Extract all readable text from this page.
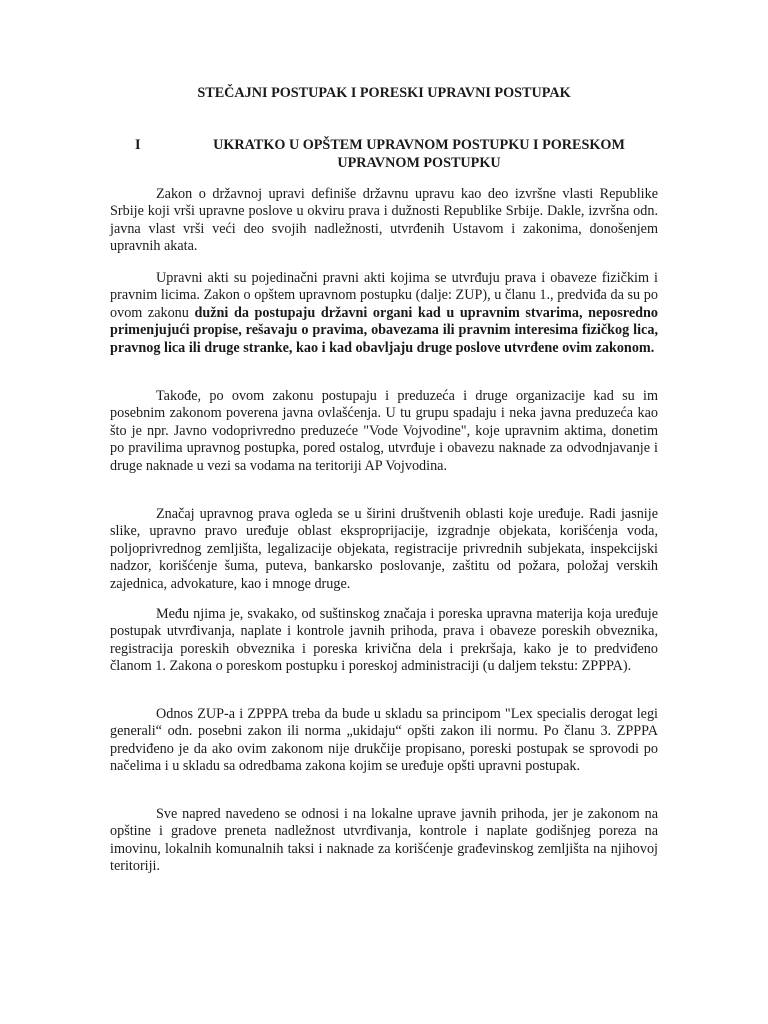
STEČAJNI POSTUPAK I PORESKI UPRAVNI POSTUPAK
I	UKRATKO U OPŠTEM UPRAVNOM POSTUPKU I PORESKOM UPRAVNOM POSTUPKU

Zakon o državnoj upravi definiše državnu upravu kao deo izvršne vlasti Republike Srbije koji vrši upravne poslove u okviru prava i dužnosti Republike Srbije. Dakle, izvršna odn. javna vlast vrši veći deo svojih nadležnosti, utvrđenih Ustavom i zakonima, donošenjem upravnih akata.

Upravni akti su pojedinačni pravni akti kojima se utvrđuju prava i obaveze fizičkim i pravnim licima. Zakon o opštem upravnom postupku (dalje: ZUP), u članu 1., predviđa da su po ovom zakonu dužni da postupaju državni organi kad u upravnim stvarima, neposredno primenjujući propise, rešavaju o pravima, obavezama ili pravnim interesima fizičkog lica, pravnog lica ili druge stranke, kao i kad obavljaju druge poslove utvrđene ovim zakonom.

Takođe, po ovom zakonu postupaju i preduzeća i druge organizacije kad su im posebnim zakonom poverena javna ovlašćenja. U tu grupu spadaju i neka javna preduzeća kao što je npr. Javno vodoprivredno preduzeće "Vode Vojvodine", koje upravnim aktima, donetim po pravilima upravnog postupka, pored ostalog, utvrđuje i obavezu naknade za odvodnjavanje i druge naknade u vezi sa vodama na teritoriji AP Vojvodina.

Značaj upravnog prava ogleda se u širini društvenih oblasti koje uređuje. Radi jasnije slike, upravno pravo uređuje oblast eksproprijacije, izgradnje objekata, korišćenja voda, poljoprivrednog zemljišta, legalizacije objekata, registracije privrednih subjekata, inspekcijski nadzor, korišćenje šuma, puteva, bankarsko poslovanje, zaštitu od požara, položaj verskih zajednica, advokature, kao i mnoge druge.

Među njima je, svakako, od suštinskog značaja i poreska upravna materija koja uređuje postupak utvrđivanja, naplate i kontrole javnih prihoda, prava i obaveze poreskih obveznika, registracija poreskih obveznika i poreska krivična dela i prekršaja, kako je to predviđeno članom 1. Zakona o poreskom postupku i poreskoj administraciji (u daljem tekstu: ZPPPA).

Odnos ZUP-a i ZPPPA treba da bude u skladu sa principom "Lex specialis derogat legi generali“ odn. posebni zakon ili norma „ukidaju“ opšti zakon ili normu. Po članu 3. ZPPPA predviđeno je da ako ovim zakonom nije drukčije propisano, poreski postupak se sprovodi po načelima i u skladu sa odredbama zakona kojim se uređuje opšti upravni postupak.

Sve napred navedeno se odnosi i na lokalne uprave javnih prihoda, jer je zakonom na opštine i gradove preneta nadležnost utvrđivanja, kontrole i naplate godišnjeg poreza na imovinu, lokalnih komunalnih taksi i naknade za korišćenje građevinskog zemljišta na njihovoj teritoriji.
